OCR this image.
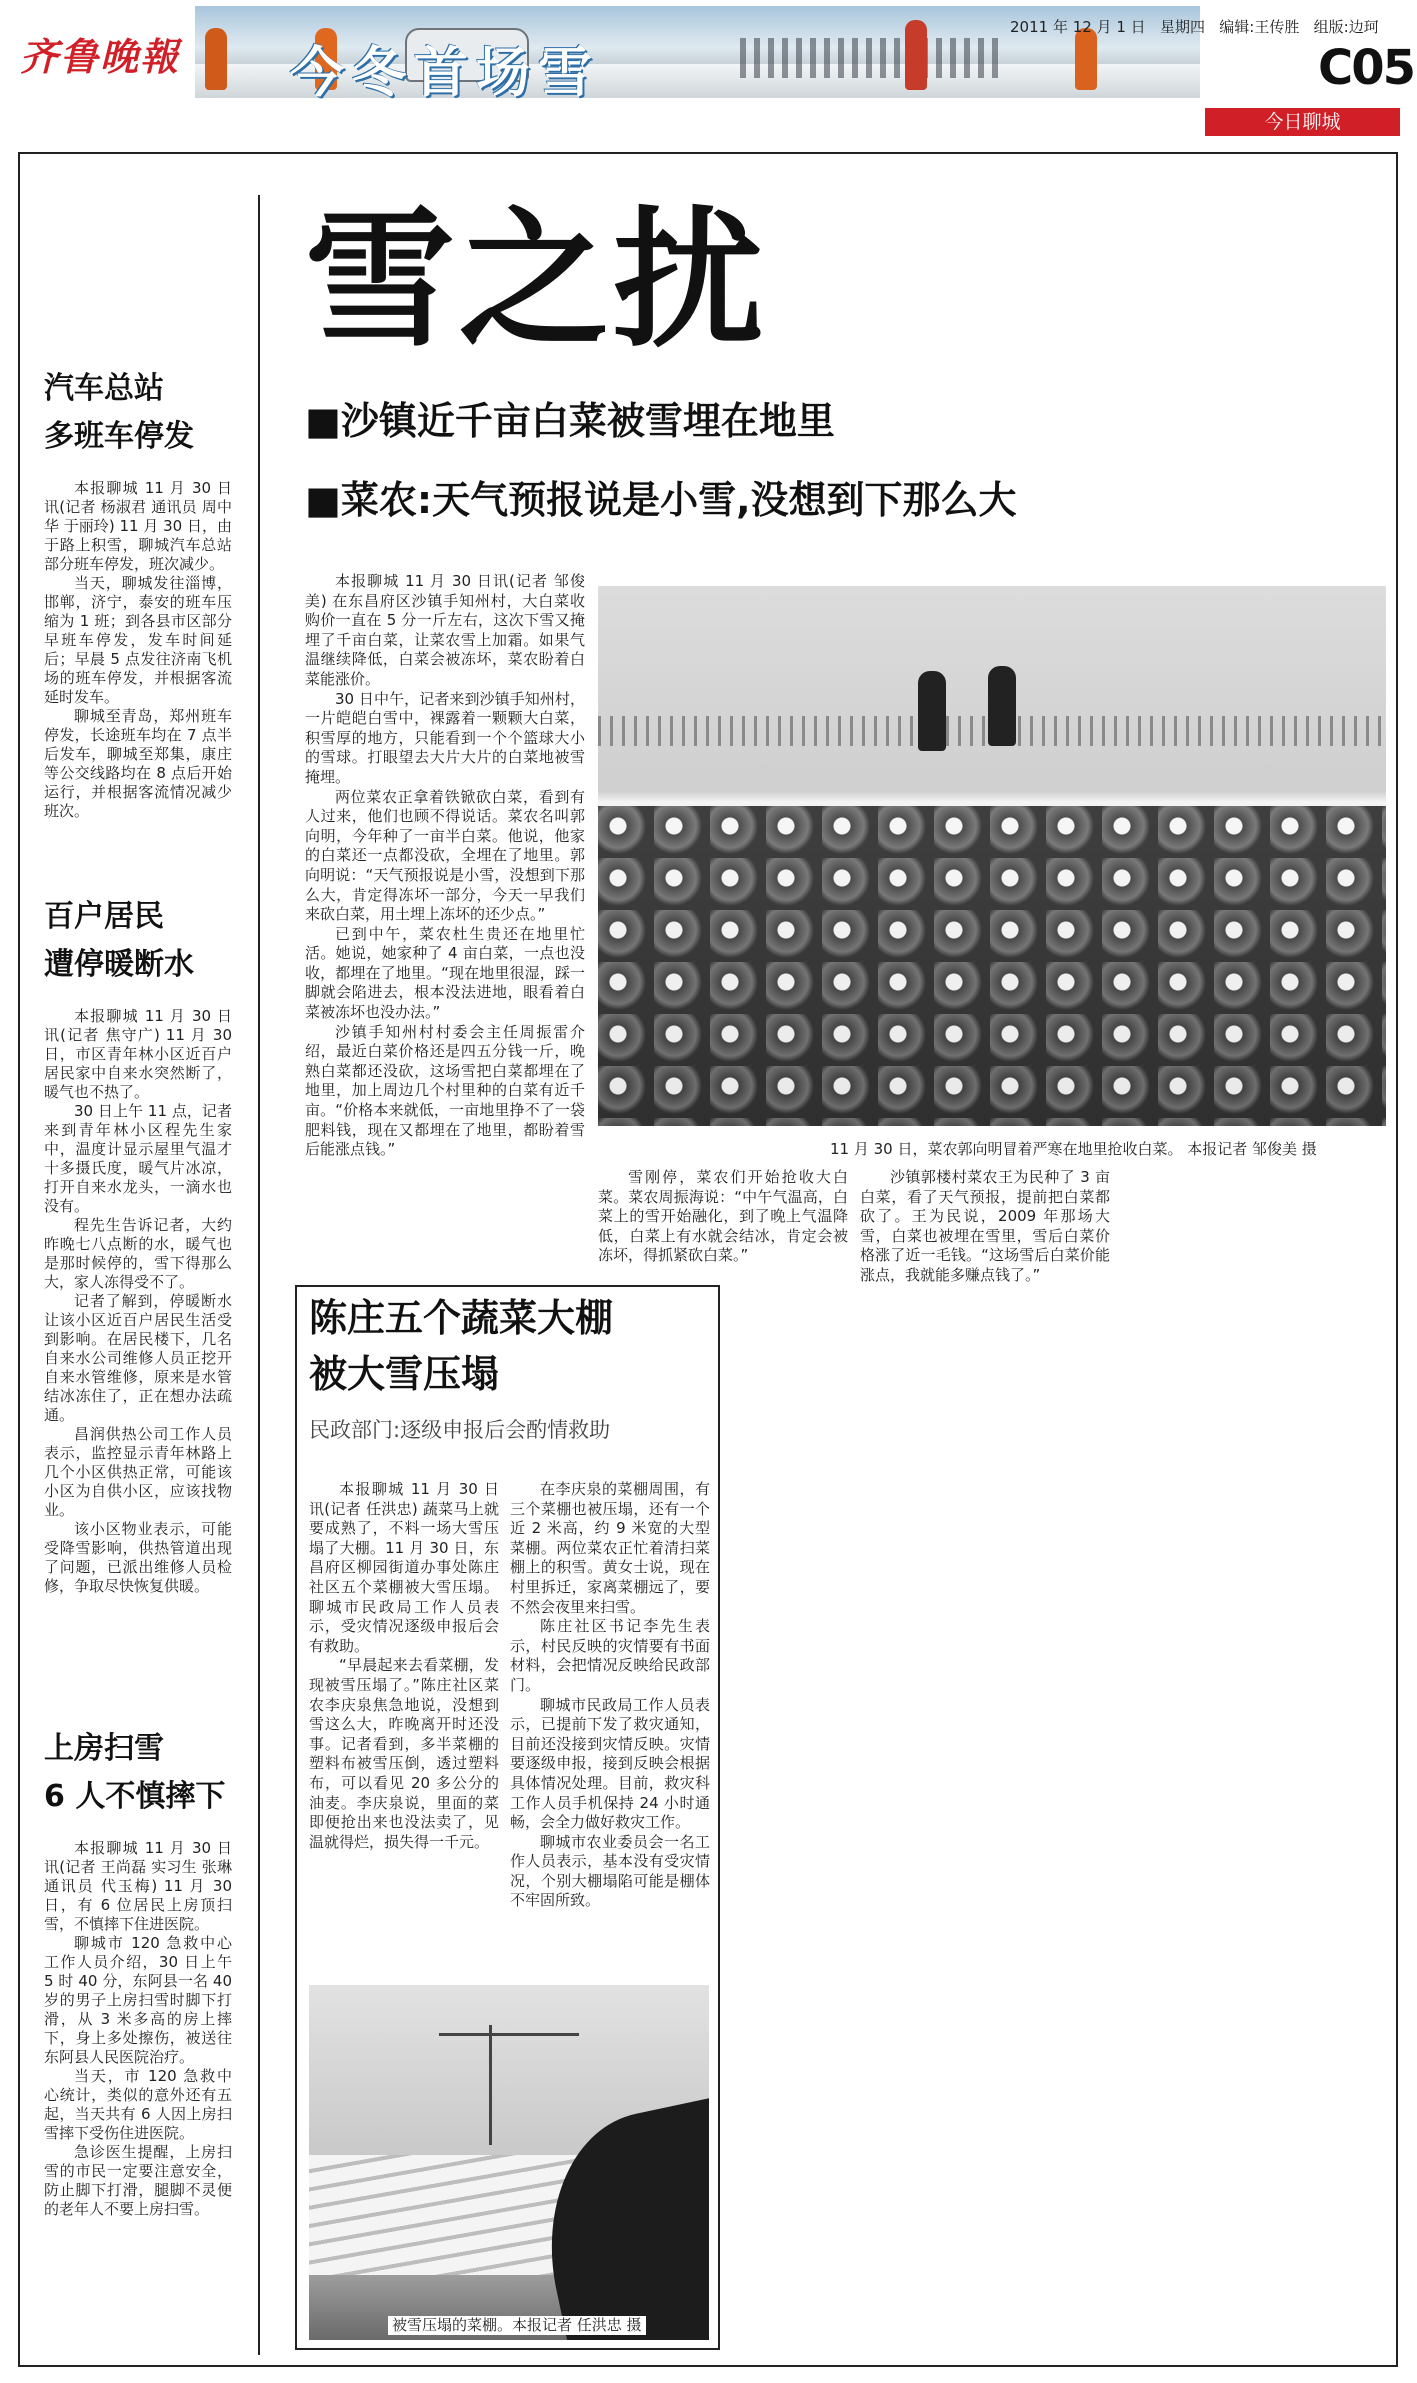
齐鲁晚報 今冬首场雪
2011 年 12 月 1 日 星期四 编辑:王传胜 组版:边珂
C05
今日聊城
汽车总站
多班车停发

本报聊城 11 月 30 日讯(记者 杨淑君 通讯员 周中华 于丽玲) 11 月 30 日，由于路上积雪，聊城汽车总站部分班车停发，班次减少。

当天，聊城发往淄博，邯郸，济宁，泰安的班车压缩为 1 班；到各县市区部分早班车停发，发车时间延后；早晨 5 点发往济南飞机场的班车停发，并根据客流延时发车。

聊城至青岛，郑州班车停发，长途班车均在 7 点半后发车，聊城至郑集，康庄等公交线路均在 8 点后开始运行，并根据客流情况减少班次。

百户居民
遭停暖断水

本报聊城 11 月 30 日讯(记者 焦守广) 11 月 30 日，市区青年林小区近百户居民家中自来水突然断了，暖气也不热了。

30 日上午 11 点，记者来到青年林小区程先生家中，温度计显示屋里气温才十多摄氏度，暖气片冰凉，打开自来水龙头，一滴水也没有。

程先生告诉记者，大约昨晚七八点断的水，暖气也是那时候停的，雪下得那么大，家人冻得受不了。

记者了解到，停暖断水让该小区近百户居民生活受到影响。在居民楼下，几名自来水公司维修人员正挖开自来水管维修，原来是水管结冰冻住了，正在想办法疏通。

昌润供热公司工作人员表示，监控显示青年林路上几个小区供热正常，可能该小区为自供小区，应该找物业。

该小区物业表示，可能受降雪影响，供热管道出现了问题，已派出维修人员检修，争取尽快恢复供暖。

上房扫雪
6 人不慎摔下

本报聊城 11 月 30 日讯(记者 王尚磊 实习生 张琳 通讯员 代玉梅) 11 月 30 日，有 6 位居民上房顶扫雪，不慎摔下住进医院。

聊城市 120 急救中心工作人员介绍，30 日上午 5 时 40 分，东阿县一名 40 岁的男子上房扫雪时脚下打滑，从 3 米多高的房上摔下，身上多处擦伤，被送往东阿县人民医院治疗。

当天，市 120 急救中心统计，类似的意外还有五起，当天共有 6 人因上房扫雪摔下受伤住进医院。

急诊医生提醒，上房扫雪的市民一定要注意安全，防止脚下打滑，腿脚不灵便的老年人不要上房扫雪。

雪之扰
■沙镇近千亩白菜被雪埋在地里
■菜农:天气预报说是小雪,没想到下那么大

本报聊城 11 月 30 日讯(记者 邹俊美) 在东昌府区沙镇手知州村，大白菜收购价一直在 5 分一斤左右，这次下雪又掩埋了千亩白菜，让菜农雪上加霜。如果气温继续降低，白菜会被冻坏，菜农盼着白菜能涨价。

30 日中午，记者来到沙镇手知州村，一片皑皑白雪中，裸露着一颗颗大白菜，积雪厚的地方，只能看到一个个篮球大小的雪球。打眼望去大片大片的白菜地被雪掩埋。

两位菜农正拿着铁锨砍白菜，看到有人过来，他们也顾不得说话。菜农名叫郭向明，今年种了一亩半白菜。他说，他家的白菜还一点都没砍，全埋在了地里。郭向明说：“天气预报说是小雪，没想到下那么大，肯定得冻坏一部分，今天一早我们来砍白菜，用土埋上冻坏的还少点。”

已到中午，菜农杜生贵还在地里忙活。她说，她家种了 4 亩白菜，一点也没收，都埋在了地里。“现在地里很湿，踩一脚就会陷进去，根本没法进地，眼看着白菜被冻坏也没办法。”

沙镇手知州村村委会主任周振雷介绍，最近白菜价格还是四五分钱一斤，晚熟白菜都还没砍，这场雪把白菜都埋在了地里，加上周边几个村里种的白菜有近千亩。“价格本来就低，一亩地里挣不了一袋肥料钱，现在又都埋在了地里，都盼着雪后能涨点钱。”	11 月 30 日，菜农郭向明冒着严寒在地里抢收白菜。 本报记者 邹俊美 摄

雪刚停，菜农们开始抢收大白菜。菜农周振海说：“中午气温高，白菜上的雪开始融化，到了晚上气温降低，白菜上有水就会结冰，肯定会被冻坏，得抓紧砍白菜。”

沙镇郭楼村菜农王为民种了 3 亩白菜，看了天气预报，提前把白菜都砍了。王为民说，2009 年那场大雪，白菜也被埋在雪里，雪后白菜价格涨了近一毛钱。“这场雪后白菜价能涨点，我就能多赚点钱了。”

陈庄五个蔬菜大棚
被大雪压塌
民政部门:逐级申报后会酌情救助

本报聊城 11 月 30 日讯(记者 任洪忠) 蔬菜马上就要成熟了，不料一场大雪压塌了大棚。11 月 30 日，东昌府区柳园街道办事处陈庄社区五个菜棚被大雪压塌。聊城市民政局工作人员表示，受灾情况逐级申报后会有救助。

“早晨起来去看菜棚，发现被雪压塌了。”陈庄社区菜农李庆泉焦急地说，没想到雪这么大，昨晚离开时还没事。记者看到，多半菜棚的塑料布被雪压倒，透过塑料布，可以看见 20 多公分的油麦。李庆泉说，里面的菜即便抢出来也没法卖了，见温就得烂，损失得一千元。

在李庆泉的菜棚周围，有三个菜棚也被压塌，还有一个近 2 米高，约 9 米宽的大型菜棚。两位菜农正忙着清扫菜棚上的积雪。黄女士说，现在村里拆迁，家离菜棚远了，要不然会夜里来扫雪。

陈庄社区书记李先生表示，村民反映的灾情要有书面材料，会把情况反映给民政部门。

聊城市民政局工作人员表示，已提前下发了救灾通知，目前还没接到灾情反映。灾情要逐级申报，接到反映会根据具体情况处理。目前，救灾科工作人员手机保持 24 小时通畅，会全力做好救灾工作。

聊城市农业委员会一名工作人员表示，基本没有受灾情况，个别大棚塌陷可能是棚体不牢固所致。

被雪压塌的菜棚。本报记者 任洪忠 摄
